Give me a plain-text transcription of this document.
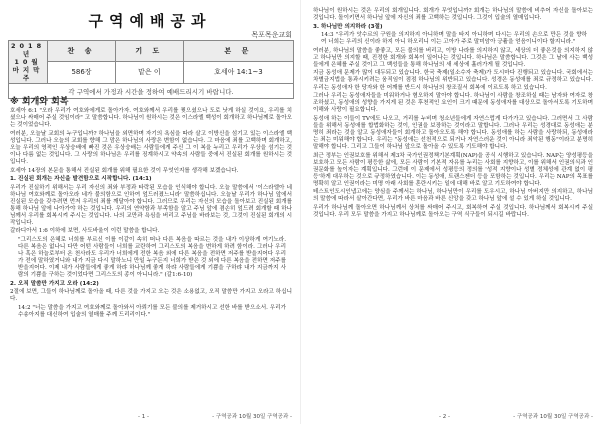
구역예배공과
목포목운교회
2018년
10월 마지막주	찬 송	기 도	본 문
	586장	맡은 이	호세아 14:1~3
각 구역에서 가정과 시간을 정하여 예배드리시기 바랍니다.			
※ 회개와 회복

호세아 6:1 "오라 우리가 여호와에게로 돌아가자. 여호와께서 우리를 찢으셨으나 도로 낫게 하실 것이요, 우리를 치셨으나 싸매어 주실 것임이라" 고 말씀합니다. 하나님이 원하시는 것은 이스라엘 백성이 회개하고 하나님께로 돌아오는 것이었습니다.

여러분, 오늘날 교회의 누구입니까? 하나님을 외면하며 자기의 욕심을 따라 살고 이방신을 섬기고 있는 이스라엘 백성입니다. 그러나 오늘의 교회를 향해 그 맘은 하나님의 사랑은 변함이 없습니다. 그 마음에 죄를 고백하며 회개하고, 오늘 우리의 영적인 우상숭배에 빠진 것은 우상숭배는 사람들에게 주신 그 이 복을 누리고 우리가 우상을 섬기는 것이나 다름 없는 것입니다. 그 사랑의 하나님은 우리를 징계하시고 약속의 사람들 중에서 진실된 회개를 원하시는 것입니다.

호세아 14장의 본문을 통해서 진실된 회개를 위해 필요한 것이 무엇인지를 생각해 보겠습니다.

1. 진실된 회개는 자신을 발견함으로 시작합니다. (14:1)

우리가 진실하기 위해서는 우리 자신의 죄와 부정과 타락된 모습을 인식해야 합니다. 오늘 말씀에서 '이스라엘아 네 하나님 여호와께로 돌아오라 네가 불의함으로 인하여 엎드러졌느니라' 말씀하십니다. 오늘날 우리가 하나님 앞에서 진실된 모습을 갖추려면 먼저 우리의 죄를 깨달아야 합니다. 그러므로 우리는 자신의 모습을 돌아보고 진실된 회개를 통해 하나님 앞에 나아가야 하는 것입니다. 우리의 연약함과 부족함을 알고 주님 앞에 겸손히 엎드려 회개할 때 하나님께서 우리를 회복시켜 주시는 것입니다. 나의 교만과 욕심을 버리고 주님을 바라보는 것, 그것이 진실된 회개의 시작입니다.

갈라디아서 1:6 이하에 보면, 사도바울이 이런 말씀을 합니다.

"그리스도의 은혜로 너희를 부르신 이를 이같이 속히 떠나 다른 복음을 따르는 것을 내가 이상하게 여기노라. 다른 복음은 없나니 다만 어떤 사람들이 너희를 교란하여 그리스도의 복음을 변하게 하려 함이라. 그러나 우리나 혹은 하늘로부터 온 천사라도 우리가 너희에게 전한 복음 외에 다른 복음을 전하면 저주를 받을지어다 우리가 전에 말하였거니와 내가 지금 다시 말하노니 만일 누구든지 너희가 받은 것 외에 다른 복음을 전하면 저주를 받을지어다. 이제 내가 사람들에게 좋게 하랴 하나님께 좋게 하랴 사람들에게 기쁨을 구하랴 내가 지금까지 사람의 기쁨을 구하는 것이었다면 그리스도의 종이 아니니라." (갈1:6-10)

2. 오직 말씀만 가지고 오라 (14:2)

2절에 보면, 그들이 하나님께로 돌아올 때, 다른 것을 가지고 오는 것은 소용없고, 오직 말씀만 가지고 오라고 하십니다.

14:2 "너는 말씀을 가지고 여호와께로 돌아와서 아뢰기를 모든 불의를 제거하시고 선한 바를 받으소서. 우리가 수송아지를 대신하여 입술의 열매를 주께 드리리이다."

- 1 -	- 구역공과 10월 30일 구역공과 -

하나님이 원하시는 것은 우리의 회개입니다. 회개가 무엇입니까? 회개는 하나님의 말씀에 비추어 자신을 돌아보는 것입니다. 돌이키면서 하나님 앞에 자신의 죄를 고백하는 것입니다. 그것이 입술의 열매입니다.

3. 하나님만 의지하라 (3절)

14:3 "우리가 앗수르의 구원을 의지하지 아니하며 말을 타지 아니하며 다시는 우리의 손으로 만든 것을 향하여 너희는 우리의 신이라 하지 아니 하오리니 이는 고아가 주로 말미암아 긍휼을 얻음이니이다 할지니라."

여러분, 하나님의 말씀을 좋좋고, 모든 불의를 버리고, 이방 나라를 의지하지 않고, 세상의 더 좋은것을 의지하지 않고 하나님만 의지할 때, 진정한 회개와 회복이 일어나는 것입니다. 하나님은 말씀합니다. 그것은 그 날에 사는 백성들에게 은혜를 주실 것이고 그 백성들을 통해 하나님의 새 세상에 흘러가게 될 것입니다.

지금 동성애 문제가 많이 대두되고 있습니다. 한국 축제(일소수자 축제)가 도시마다 진행되고 있습니다. 국회에서는 차별금지법을 통과시키려는 움직임이 점점 하나님의 위반되고 있습니다. 성경은 동성애를 죄로 규정하고 있습니다. 우리는 동성애자 한 당자와 한 어깨를 반드시 하나님의 창조질서 회복에 이르도록 하고 있습니다.

그러나 우리는 동성애자들을 미워하거나 혐오하지 말아야 합니다. 하나님이 사람을 창조하실 때는 남자와 여자로 창조하셨고, 동성애의 성향을 가지게 된 것은 후천적인 요인이 크기 때문에 동성애자를 대상으로 돌아서도록 기도하며 이해와 사랑이 필요합니다.

동성애 하는 이들이 TV에도 나오고, 거리를 누비며 청소년들에게 자연스럽게 다가가고 있습니다. 그러면서 그 사람들을 위해서 동성애를 합법화하는 것이, 인권을 보장하는 것이라고 말합니다. 그러나 우리는 성경대로 동성애는 분명히 죄라는 것을 알고 동성애자들이 회개하고 돌아오도록 해야 합니다. 동성애를 하는 사람을 사랑하되, 동성애라는 죄는 미워해야 합니다. 우리는 "동성애는 선천적으로 되거나 자연스러운 것이 아니라 죄악된 행동"이라고 분명히 말해야 합니다. 그리고 그들이 하나님 앞으로 돌아올 수 있도록 기도해야 합니다.

최근 정부는 인권보호를 위해서 제3차 국가인권정책기본계획(NAP)을 공식 시행하고 있습니다. NAP는 양성평등을 보호하고 모든 사람이 평등한 삶에, 모든 사람이 기본적 자유를 누리는 사회를 지향하고, 이를 위해서 인권의식과 인권문화를 높이자는 계획입니다. 그런데 이 문제에서 성평등의 정의를 '성적 지향이나 성별 정체성에 관계 없이 평등'하게 대우하는 것으로 규정하였습니다. 이는 동성애, 트랜스젠더 등을 포함하는 것입니다. 우리는 NAP의 목표를 명확히 알고 인권이라는 미명 아래 사회를 혼란시키는 일에 대해 바로 알고 기도하여야 합니다.

테스트인도시인냅고에는 양심을 주께서는 하나님, 하나님만이 우리를 도우시고, 하나님 아버지만 의지하고, 하나님의 말씀에 따라서 살아간다면, 우리가 바른 마음과 바른 신앙을 갖고 하나님 앞에 설 수 있게 하실 것입니다.

우리가 하나님께 돌아오면 하나님께서 상처를 싸매어 주시고, 회복하여 주실 것입니다. 하나님께서 회복시켜 주실 것입니다. 우리 모두 말씀을 가지고 하나님께로 돌아오는 구역 식구들이 되시길 바랍니다.

- 2 -	- 구역공과 10월 30일 구역공과 -
